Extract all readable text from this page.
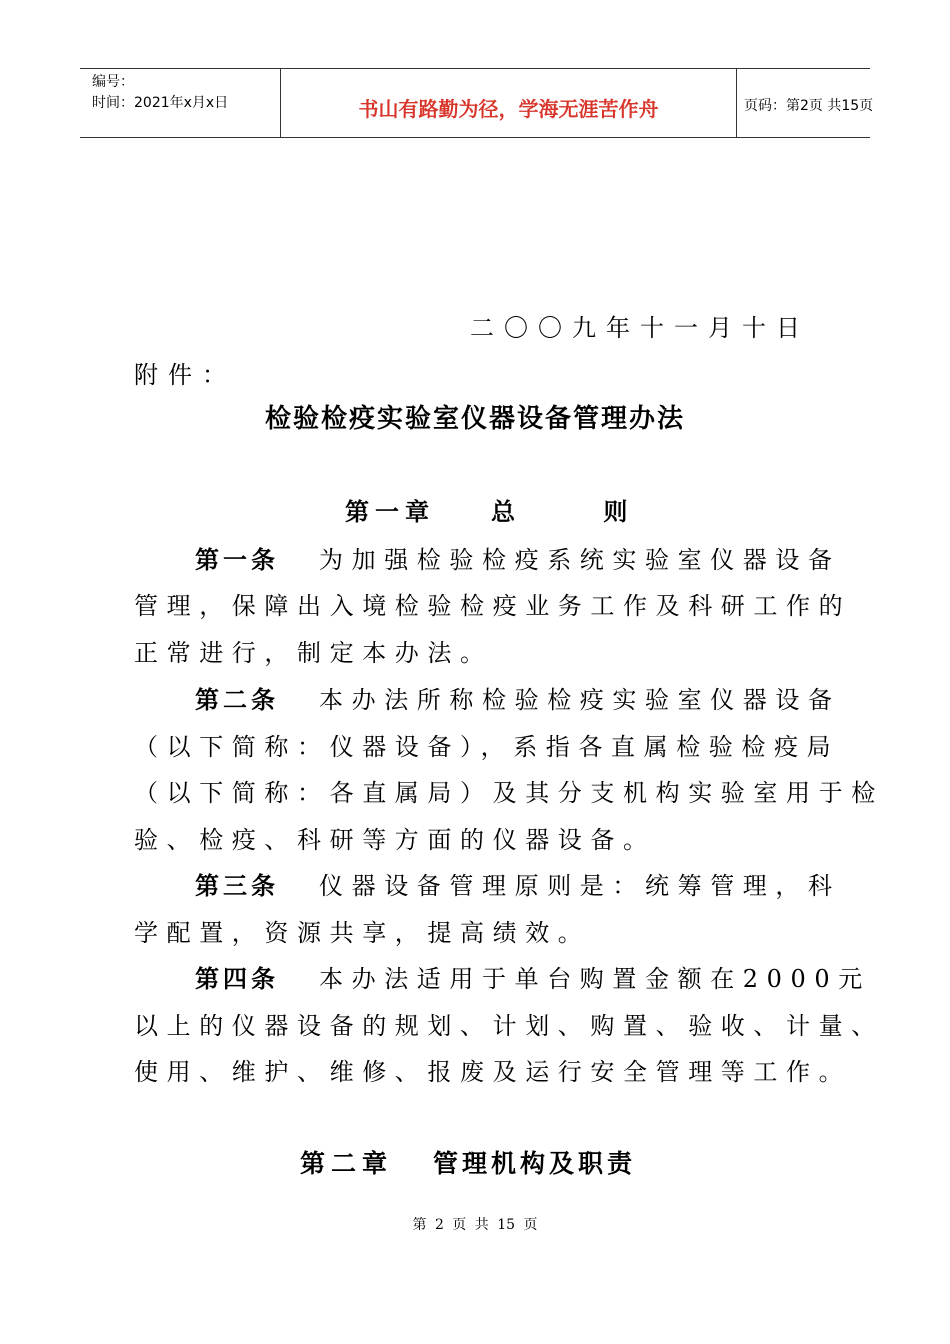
编号：
时间：2021年x月x日	书山有路勤为径，学海无涯苦作舟	页码：第2页 共15页
二〇〇九年十一月十日
附件：
检验检疫实验室仪器设备管理办法
第一章 总 则
第一条 为加强检验检疫系统实验室仪器设备
管理，保障出入境检验检疫业务工作及科研工作的
正常进行，制定本办法。
第二条 本办法所称检验检疫实验室仪器设备
（以下简称：仪器设备），系指各直属检验检疫局
（以下简称：各直属局）及其分支机构实验室用于检
验、检疫、科研等方面的仪器设备。
第三条 仪器设备管理原则是：统筹管理，科
学配置，资源共享，提高绩效。
第四条 本办法适用于单台购置金额在2000元
以上的仪器设备的规划、计划、购置、验收、计量、
使用、维护、维修、报废及运行安全管理等工作。
第二章 管理机构及职责
第 2 页 共 15 页
